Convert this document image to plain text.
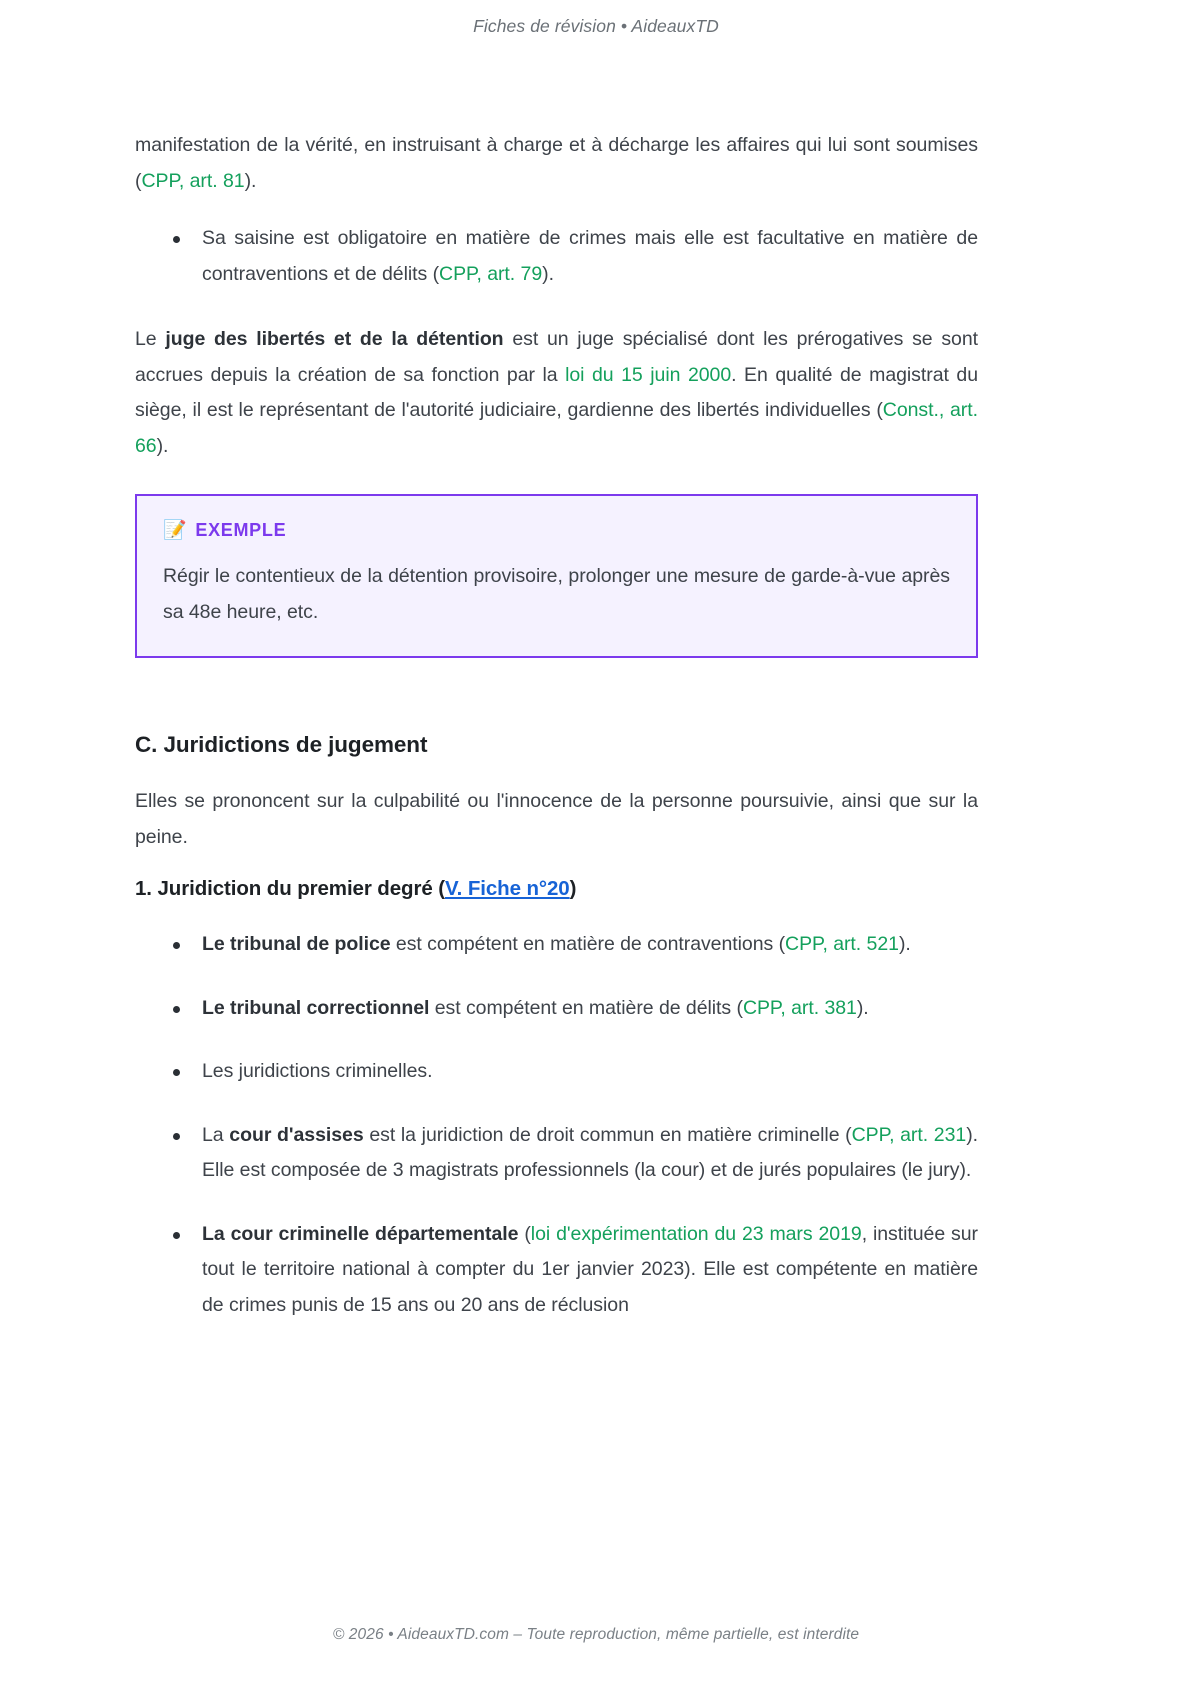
Fiches de révision • AideauxTD

manifestation de la vérité, en instruisant à charge et à décharge les affaires qui lui sont soumises (CPP, art. 81).

Sa saisine est obligatoire en matière de crimes mais elle est facultative en matière de contraventions et de délits (CPP, art. 79).

Le juge des libertés et de la détention est un juge spécialisé dont les prérogatives se sont accrues depuis la création de sa fonction par la loi du 15 juin 2000. En qualité de magistrat du siège, il est le représentant de l'autorité judiciaire, gardienne des libertés individuelles (Const., art. 66).

📝 EXEMPLE

Régir le contentieux de la détention provisoire, prolonger une mesure de garde-à-vue après sa 48e heure, etc.

C. Juridictions de jugement

Elles se prononcent sur la culpabilité ou l'innocence de la personne poursuivie, ainsi que sur la peine.

1. Juridiction du premier degré (V. Fiche n°20)
Le tribunal de police est compétent en matière de contraventions (CPP, art. 521).
Le tribunal correctionnel est compétent en matière de délits (CPP, art. 381).
Les juridictions criminelles.
La cour d'assises est la juridiction de droit commun en matière criminelle (CPP, art. 231). Elle est composée de 3 magistrats professionnels (la cour) et de jurés populaires (le jury).
La cour criminelle départementale (loi d'expérimentation du 23 mars 2019, instituée sur tout le territoire national à compter du 1er janvier 2023). Elle est compétente en matière de crimes punis de 15 ans ou 20 ans de réclusion
© 2026 • AideauxTD.com – Toute reproduction, même partielle, est interdite
